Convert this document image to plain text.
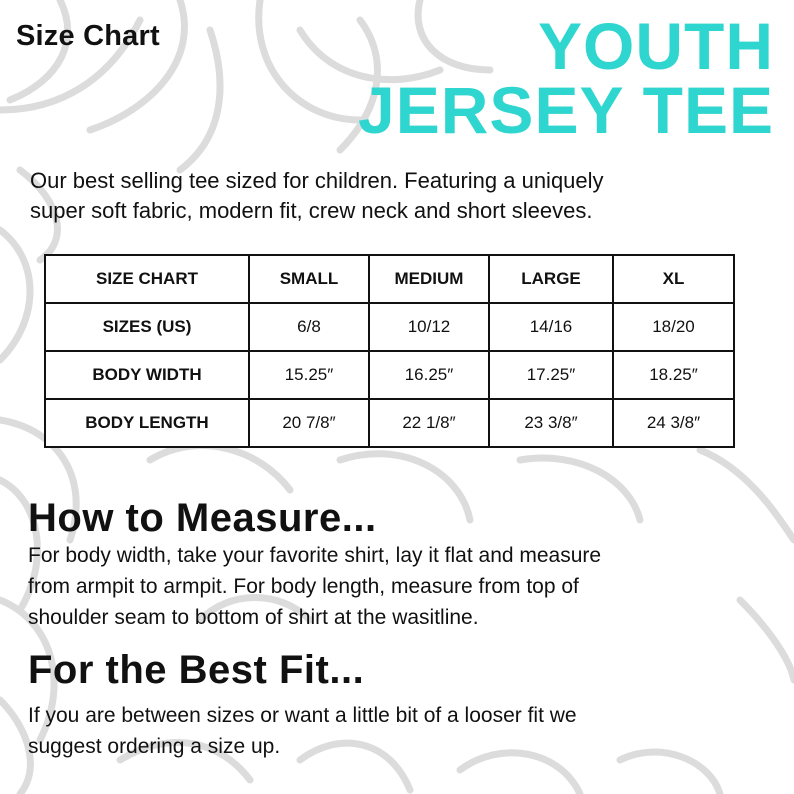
Size Chart	YOUTH
JERSEY TEE
Our best selling tee sized for children. Featuring a uniquely
super soft fabric, modern fit, crew neck and short sleeves.
SIZE CHART	SMALL	MEDIUM	LARGE	XL
SIZES (US)	6/8	10/12	14/16	18/20
BODY WIDTH	15.25″	16.25″	17.25″	18.25″
BODY LENGTH	20 7/8″	22 1/8″	23 3/8″	24 3/8″
How to Measure...
For body width, take your favorite shirt, lay it flat and measure
from armpit to armpit. For body length, measure from top of
shoulder seam to bottom of shirt at the wasitline.
For the Best Fit...
If you are between sizes or want a little bit of a looser fit we
suggest ordering a size up.
